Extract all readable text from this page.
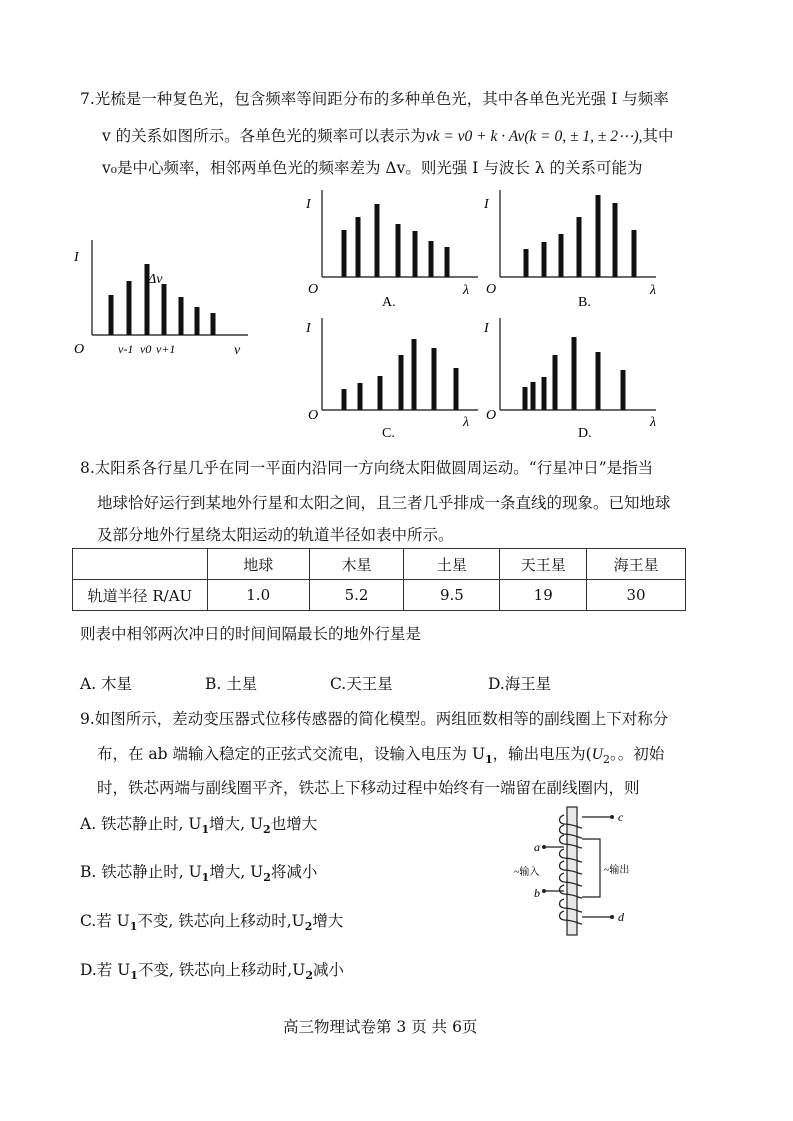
7.光梳是一种复色光，包含频率等间距分布的多种单色光，其中各单色光光强 I 与频率
v 的关系如图所示。各单色光的频率可以表示为vk = v0 + k · Av(k = 0, ± 1, ± 2⋯),其中
v₀是中心频率，相邻两单色光的频率差为 Δv。则光强 I 与波长 λ 的关系可能为
I
O	v
Δv
v-1 v0 v+1
I
O	λ
A.
I
O	λ
B.
I
O	λ
C.
I
O	λ
D.
8.太阳系各行星几乎在同一平面内沿同一方向绕太阳做圆周运动。“行星冲日”是指当
地球恰好运行到某地外行星和太阳之间，且三者几乎排成一条直线的现象。已知地球
及部分地外行星绕太阳运动的轨道半径如表中所示。
	地球	木星	土星	天王星	海王星
轨道半径 R/AU	1.0	5.2	9.5	19	30
则表中相邻两次冲日的时间间隔最长的地外行星是
A. 木星	B. 土星	C.天王星	D.海王星
9.如图所示，差动变压器式位移传感器的简化模型。两组匝数相等的副线圈上下对称分
布，在 ab 端输入稳定的正弦式交流电，设输入电压为 $U_1$，输出电压为($U_2$。。初始
时，铁芯两端与副线圈平齐，铁芯上下移动过程中始终有一端留在副线圈内，则
A. 铁芯静止时, $U_1$增大, $U_2$也增大
B. 铁芯静止时, $U_1$增大, $U_2$将减小
C.若 $U_1$不变, 铁芯向上移动时$,U_2$增大
D.若 $U_1$不变, 铁芯向上移动时$,U_2$减小
a
b
c
d
~输入	~输出
高三物理试卷第 3 页 共 6页
